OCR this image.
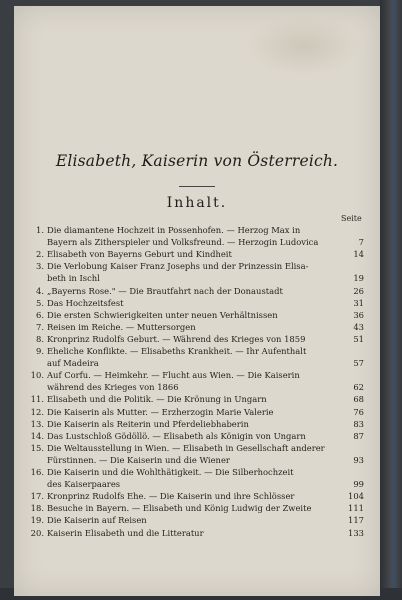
Elisabeth, Kaiserin von Österreich.
Inhalt.
Seite
1. Die diamantene Hochzeit in Possenhofen. — Herzog Max in
Bayern als Zitherspieler und Volksfreund. — Herzogin Ludovica	7
2. Elisabeth von Bayerns Geburt und Kindheit	14
3. Die Verlobung Kaiser Franz Josephs und der Prinzessin Elisa-
beth in Ischl	19
4. „Bayerns Rose." — Die Brautfahrt nach der Donaustadt	26
5. Das Hochzeitsfest	31
6. Die ersten Schwierigkeiten unter neuen Verhältnissen	36
7. Reisen im Reiche. — Muttersorgen	43
8. Kronprinz Rudolfs Geburt. — Während des Krieges von 1859	51
9. Eheliche Konflikte. — Elisabeths Krankheit. — Ihr Aufenthalt
auf Madeira	57
10. Auf Corfu. — Heimkehr. — Flucht aus Wien. — Die Kaiserin
während des Krieges von 1866	62
11. Elisabeth und die Politik. — Die Krönung in Ungarn	68
12. Die Kaiserin als Mutter. — Erzherzogin Marie Valerie	76
13. Die Kaiserin als Reiterin und Pferdeliebhaberin	83
14. Das Lustschloß Gödöllö. — Elisabeth als Königin von Ungarn	87
15. Die Weltausstellung in Wien. — Elisabeth in Gesellschaft anderer
Fürstinnen. — Die Kaiserin und die Wiener	93
16. Die Kaiserin und die Wohlthätigkeit. — Die Silberhochzeit
des Kaiserpaares	99
17. Kronprinz Rudolfs Ehe. — Die Kaiserin und ihre Schlösser	104
18. Besuche in Bayern. — Elisabeth und König Ludwig der Zweite	111
19. Die Kaiserin auf Reisen	117
20. Kaiserin Elisabeth und die Litteratur	133
